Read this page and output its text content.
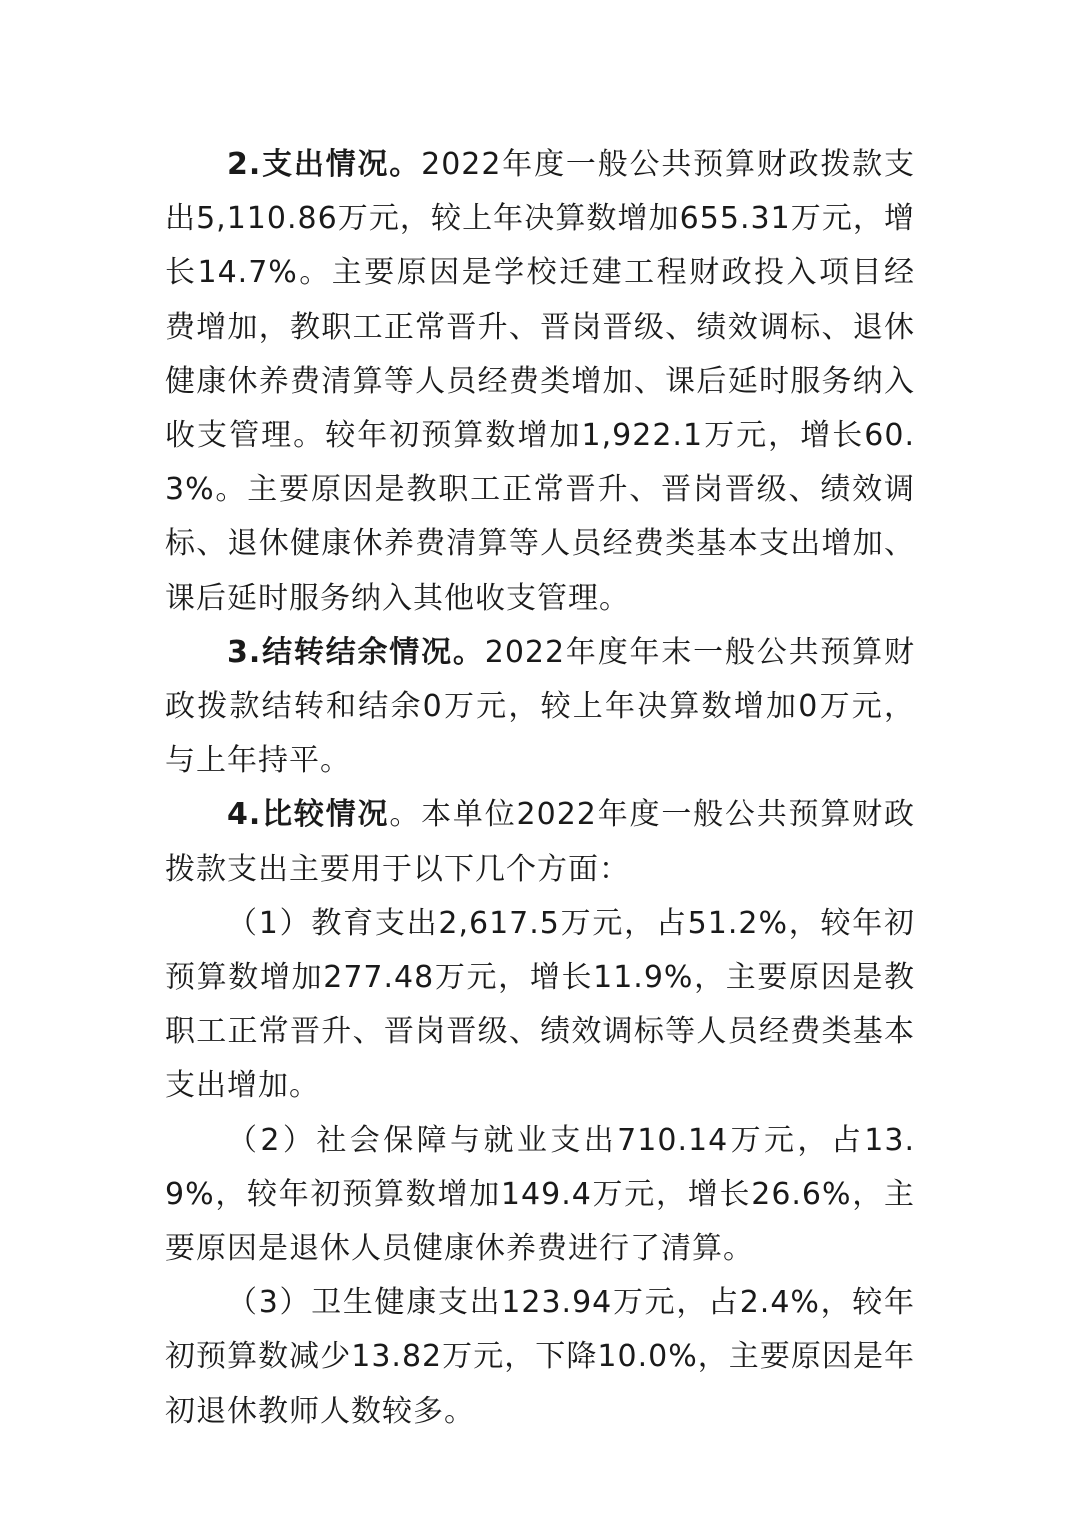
2.支出情况。2022年度一般公共预算财政拨款支出5,110.86万元，较上年决算数增加655.31万元，增长14.7%。主要原因是学校迁建工程财政投入项目经费增加，教职工正常晋升、晋岗晋级、绩效调标、退休健康休养费清算等人员经费类增加、课后延时服务纳入收支管理。较年初预算数增加1,922.1万元，增长60.3%。主要原因是教职工正常晋升、晋岗晋级、绩效调标、退休健康休养费清算等人员经费类基本支出增加、课后延时服务纳入其他收支管理。

3.结转结余情况。2022年度年末一般公共预算财政拨款结转和结余0万元，较上年决算数增加0万元，与上年持平。

4.比较情况。本单位2022年度一般公共预算财政拨款支出主要用于以下几个方面：

（1）教育支出2,617.5万元，占51.2%，较年初预算数增加277.48万元，增长11.9%，主要原因是教职工正常晋升、晋岗晋级、绩效调标等人员经费类基本支出增加。

（2）社会保障与就业支出710.14万元，占13.9%，较年初预算数增加149.4万元，增长26.6%，主要原因是退休人员健康休养费进行了清算。

（3）卫生健康支出123.94万元，占2.4%，较年初预算数减少13.82万元，下降10.0%，主要原因是年初退休教师人数较多。
